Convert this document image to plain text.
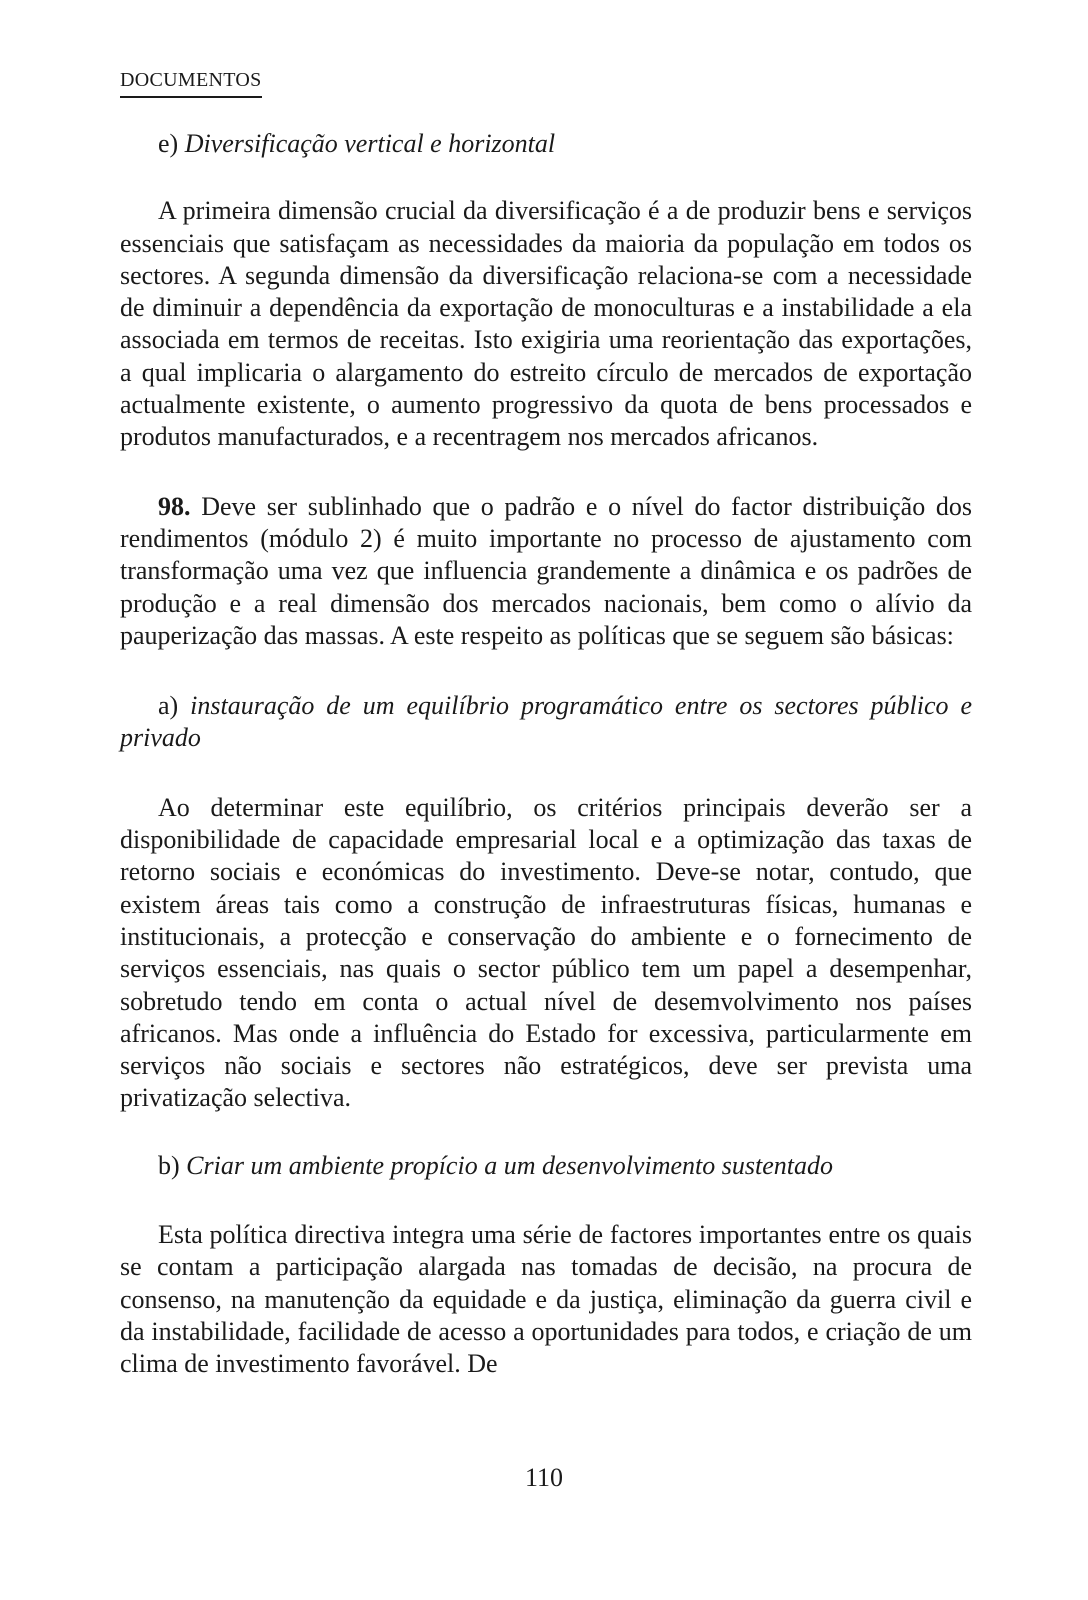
DOCUMENTOS

e) Diversificação vertical e horizontal

A primeira dimensão crucial da diversificação é a de produzir bens e serviços essenciais que satisfaçam as necessidades da maioria da população em todos os sectores. A segunda dimensão da diversificação relaciona-se com a necessidade de diminuir a dependência da exportação de monoculturas e a instabilidade a ela associada em termos de receitas. Isto exigiria uma reorientação das exportações, a qual implicaria o alargamento do estreito círculo de mercados de exportação actualmente existente, o aumento progressivo da quota de bens processados e produtos manufacturados, e a recentragem nos mercados africanos.

98. Deve ser sublinhado que o padrão e o nível do factor distribuição dos rendimentos (módulo 2) é muito importante no processo de ajustamento com transformação uma vez que influencia grandemente a dinâmica e os padrões de produção e a real dimensão dos mercados nacionais, bem como o alívio da pauperização das massas. A este respeito as políticas que se seguem são básicas:

a) instauração de um equilíbrio programático entre os sectores público e privado

Ao determinar este equilíbrio, os critérios principais deverão ser a disponibilidade de capacidade empresarial local e a optimização das taxas de retorno sociais e económicas do investimento. Deve-se notar, contudo, que existem áreas tais como a construção de infraestruturas físicas, humanas e institucionais, a protecção e conservação do ambiente e o fornecimento de serviços essenciais, nas quais o sector público tem um papel a desempenhar, sobretudo tendo em conta o actual nível de desemvolvimento nos países africanos. Mas onde a influência do Estado for excessiva, particularmente em serviços não sociais e sectores não estratégicos, deve ser prevista uma privatização selectiva.

b) Criar um ambiente propício a um desenvolvimento sustentado

Esta política directiva integra uma série de factores importantes entre os quais se contam a participação alargada nas tomadas de decisão, na procura de consenso, na manutenção da equidade e da justiça, eliminação da guerra civil e da instabilidade, facilidade de acesso a oportunidades para todos, e criação de um clima de investimento favorável. De

110
